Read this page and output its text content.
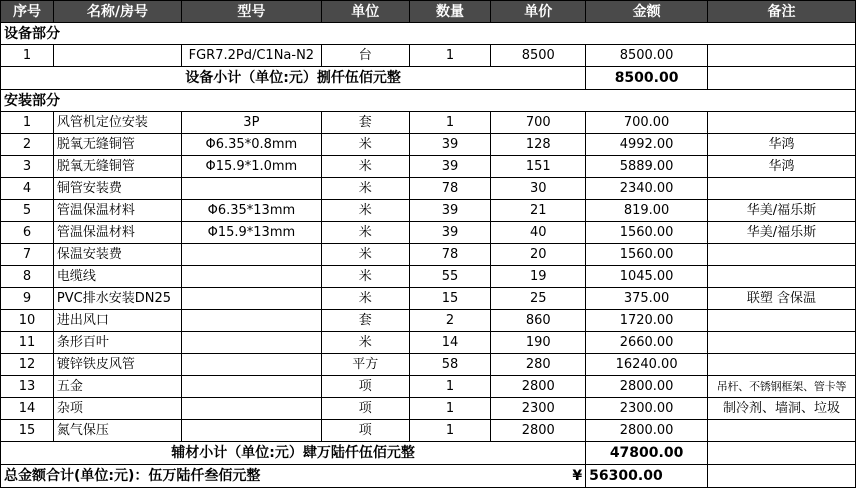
序号	名称/房号	型号	单位	数量	单价	金额	备注
设备部分							
1		FGR7.2Pd/C1Na-N2	台	1	8500	8500.00	
设备小计（单位:元）捌仟伍佰元整						8500.00	
安装部分							
1	风管机定位安装	3P	套	1	700	700.00	
2	脱氧无缝铜管	Φ6.35*0.8mm	米	39	128	4992.00	华鸿
3	脱氧无缝铜管	Φ15.9*1.0mm	米	39	151	5889.00	华鸿
4	铜管安装费		米	78	30	2340.00	
5	管温保温材料	Φ6.35*13mm	米	39	21	819.00	华美/福乐斯
6	管温保温材料	Φ15.9*13mm	米	39	40	1560.00	华美/福乐斯
7	保温安装费		米	78	20	1560.00	
8	电缆线		米	55	19	1045.00	
9	PVC排水安装DN25		米	15	25	375.00	联塑 含保温
10	进出风口		套	2	860	1720.00	
11	条形百叶		米	14	190	2660.00	
12	镀锌铁皮风管		平方	58	280	16240.00	
13	五金		项	1	2800	2800.00	吊杆、不锈钢框架、管卡等
14	杂项		项	1	2300	2300.00	制冷剂、墙洞、垃圾
15	氮气保压		项	1	2800	2800.00	
辅材小计（单位:元）肆万陆仟伍佰元整						47800.00	
总金额合计(单位:元)：伍万陆仟叁佰元整					¥	56300.00	
